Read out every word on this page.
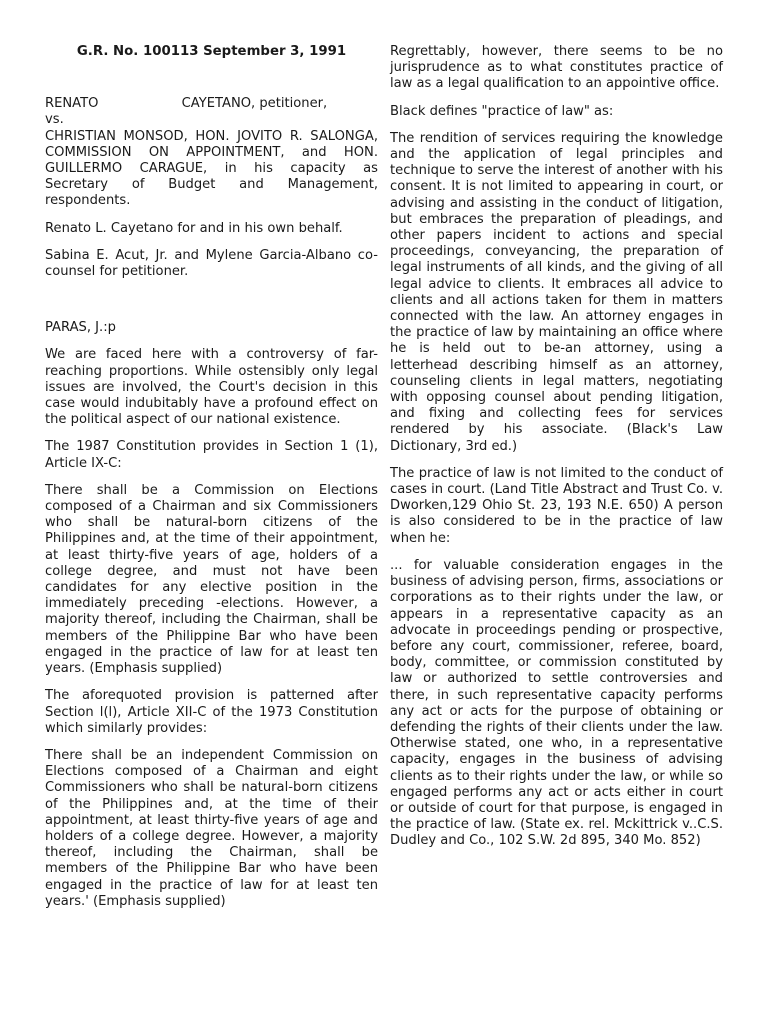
G.R. No. 100113 September 3, 1991

RENATO                    CAYETANO, petitioner,
vs.
CHRISTIAN MONSOD, HON. JOVITO R. SALONGA, COMMISSION ON APPOINTMENT, and HON. GUILLERMO CARAGUE, in his capacity as Secretary of Budget and Management, respondents.

Renato L. Cayetano for and in his own behalf.

Sabina E. Acut, Jr. and Mylene Garcia-Albano co-counsel for petitioner.

PARAS, J.:p

We are faced here with a controversy of far-reaching proportions. While ostensibly only legal issues are involved, the Court's decision in this case would indubitably have a profound effect on the political aspect of our national existence.

The 1987 Constitution provides in Section 1 (1), Article IX-C:

There shall be a Commission on Elections composed of a Chairman and six Commissioners who shall be natural-born citizens of the Philippines and, at the time of their appointment, at least thirty-five years of age, holders of a college degree, and must not have been candidates for any elective position in the immediately preceding -elections. However, a majority thereof, including the Chairman, shall be members of the Philippine Bar who have been engaged in the practice of law for at least ten years. (Emphasis supplied)

The aforequoted provision is patterned after Section l(l), Article XII-C of the 1973 Constitution which similarly provides:

There shall be an independent Commission on Elections composed of a Chairman and eight Commissioners who shall be natural-born citizens of the Philippines and, at the time of their appointment, at least thirty-five years of age and holders of a college degree. However, a majority thereof, including the Chairman, shall be members of the Philippine Bar who have been engaged in the practice of law for at least ten years.' (Emphasis supplied)

Regrettably, however, there seems to be no jurisprudence as to what constitutes practice of law as a legal qualification to an appointive office.

Black defines "practice of law" as:

The rendition of services requiring the knowledge and the application of legal principles and technique to serve the interest of another with his consent. It is not limited to appearing in court, or advising and assisting in the conduct of litigation, but embraces the preparation of pleadings, and other papers incident to actions and special proceedings, conveyancing, the preparation of legal instruments of all kinds, and the giving of all legal advice to clients. It embraces all advice to clients and all actions taken for them in matters connected with the law. An attorney engages in the practice of law by maintaining an office where he is held out to be-an attorney, using a letterhead describing himself as an attorney, counseling clients in legal matters, negotiating with opposing counsel about pending litigation, and fixing and collecting fees for services rendered by his associate. (Black's Law Dictionary, 3rd ed.)

The practice of law is not limited to the conduct of cases in court. (Land Title Abstract and Trust Co. v. Dworken,129 Ohio St. 23, 193 N.E. 650) A person is also considered to be in the practice of law when he:

... for valuable consideration engages in the business of advising person, firms, associations or corporations as to their rights under the law, or appears in a representative capacity as an advocate in proceedings pending or prospective, before any court, commissioner, referee, board, body, committee, or commission constituted by law or authorized to settle controversies and there, in such representative capacity performs any act or acts for the purpose of obtaining or defending the rights of their clients under the law. Otherwise stated, one who, in a representative capacity, engages in the business of advising clients as to their rights under the law, or while so engaged performs any act or acts either in court or outside of court for that purpose, is engaged in the practice of law. (State ex. rel. Mckittrick v..C.S. Dudley and Co., 102 S.W. 2d 895, 340 Mo. 852)
